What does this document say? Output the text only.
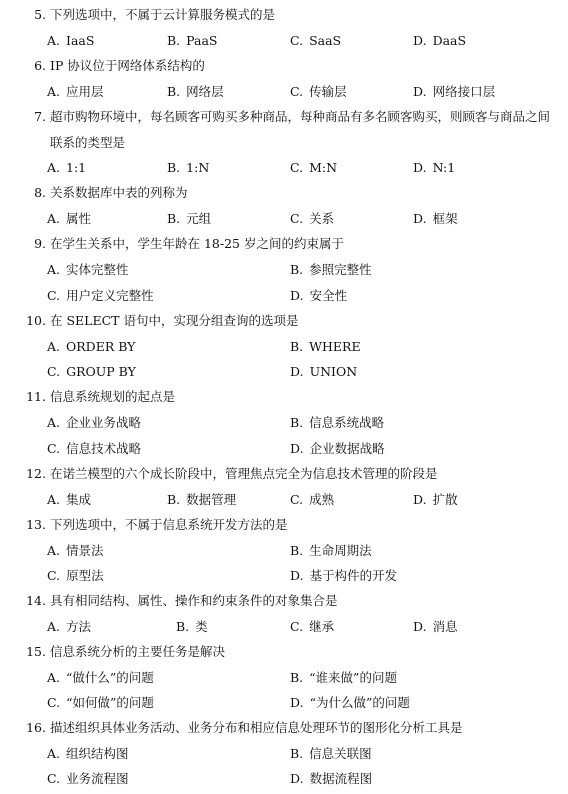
5. 下列选项中，不属于云计算服务模式的是
A. IaaS	B. PaaS	C. SaaS	D. DaaS
6. IP 协议位于网络体系结构的
A. 应用层	B. 网络层	C. 传输层	D. 网络接口层
7. 超市购物环境中，每名顾客可购买多种商品，每种商品有多名顾客购买，则顾客与商品之间联系的类型是
A. 1:1	B. 1:N	C. M:N	D. N:1
8. 关系数据库中表的列称为
A. 属性	B. 元组	C. 关系	D. 框架
9. 在学生关系中，学生年龄在 18-25 岁之间的约束属于
A. 实体完整性	B. 参照完整性
C. 用户定义完整性	D. 安全性
10. 在 SELECT 语句中，实现分组查询的选项是
A. ORDER BY	B. WHERE
C. GROUP BY	D. UNION
11. 信息系统规划的起点是
A. 企业业务战略	B. 信息系统战略
C. 信息技术战略	D. 企业数据战略
12. 在诺兰模型的六个成长阶段中，管理焦点完全为信息技术管理的阶段是
A. 集成	B. 数据管理	C. 成熟	D. 扩散
13. 下列选项中，不属于信息系统开发方法的是
A. 情景法	B. 生命周期法
C. 原型法	D. 基于构件的开发
14. 具有相同结构、属性、操作和约束条件的对象集合是
A. 方法	B. 类	C. 继承	D. 消息
15. 信息系统分析的主要任务是解决
A. “做什么”的问题	B. “谁来做”的问题
C. “如何做”的问题	D. “为什么做”的问题
16. 描述组织具体业务活动、业务分布和相应信息处理环节的图形化分析工具是
A. 组织结构图	B. 信息关联图
C. 业务流程图	D. 数据流程图
